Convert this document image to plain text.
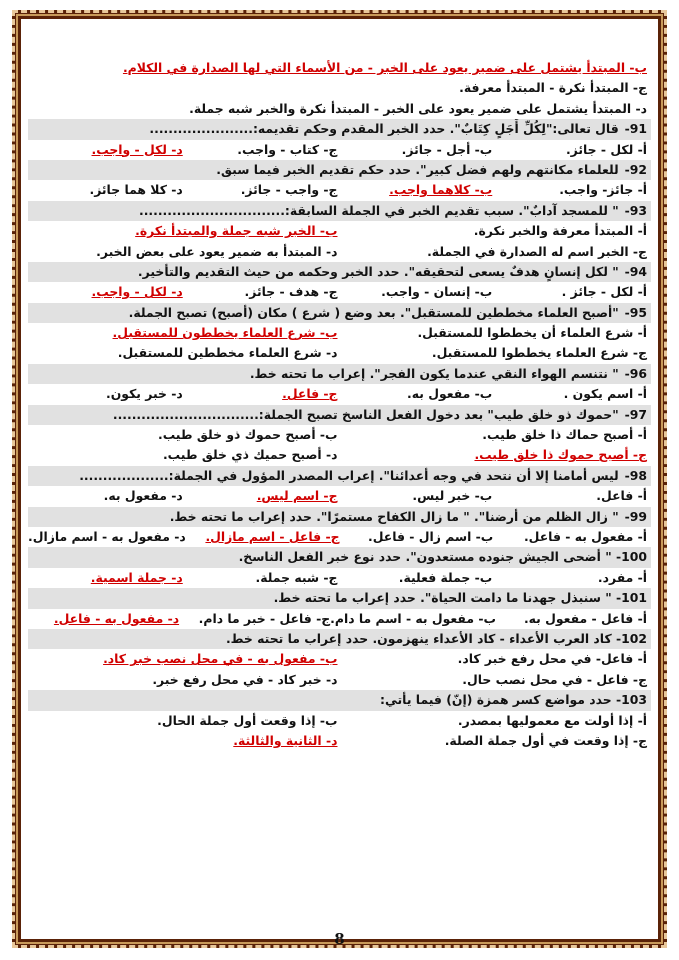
ب- المبتدأ يشتمل على ضمير يعود على الخبر - من الأسماء التي لها الصدارة في الكلام.
ج- المبتدأ نكرة - المبتدأ معرفة.
د- المبتدأ يشتمل على ضمير يعود على الخبر - المبتدأ نكرة والخبر شبه جملة.
91- قال تعالى:"لِكُلِّ أَجَلٍ كِتَابٌ". حدد الخبر المقدم وحكم تقديمه:......................
أ- لكل - جائز.
ب- أجل - جائز.
ج- كتاب - واجب.
د- لكل - واجب.
92- للعلماء مكانتهم ولهم فضل كبير". حدد حكم تقديم الخبر فيما سبق.
أ- جائز- واجب.
ب- كلاهما واجب.
ج- واجب - جائز.
د- كلا هما جائز.
93- " للمسجد آدابٌ". سبب تقديم الخبر في الجملة السابقة:...............................
أ- المبتدأ معرفة والخبر نكرة.
ب- الخبر شبه جملة والمبتدأ نكرة.
ج- الخبر اسم له الصدارة في الجملة.
د- المبتدأ به ضمير يعود على بعض الخبر.
94- " لكل إنسانٍ هدفٌ يسعى لتحقيقه". حدد الخبر وحكمه من حيث التقديم والتأخير.
أ- لكل - جائز .
ب- إنسان - واجب.
ج- هدف - جائز.
د- لكل - واجب.
95- "أصبح العلماء مخططين للمستقبل". بعد وضع ( شرع ) مكان (أصبح) تصبح الجملة.
أ- شرع العلماء أن يخططوا للمستقبل.
ب- شرع العلماء يخططون للمستقبل.
ج- شرع العلماء يخططوا للمستقبل.
د- شرع العلماء مخططين للمستقبل.
96- " نتنسم الهواء النقي عندما يكون الفجر". إعراب ما تحته خط.
أ- اسم يكون .
ب- مفعول به.
ج- فاعل.
د- خبر يكون.
97- "حموك ذو خلق طيب" بعد دخول الفعل الناسخ تصبح الجملة:...............................
أ- أصبح حماك ذا خلق طيب.
ب- أصبح حموك ذو خلق طيب.
ج- أصبح حموك ذا خلق طيب.
د- أصبح حميك ذي خلق طيب.
98- ليس أمامنا إلا أن نتحد في وجه أعدائنا". إعراب المصدر المؤول في الجملة:...................
أ- فاعل.
ب- خبر ليس.
ج- اسم ليس.
د- مفعول به.
99- " زال الظلم من أرضنا". " ما زال الكفاح مستمرًا". حدد إعراب ما تحته خط.
أ- مفعول به - فاعل.
ب- اسم زال - فاعل.
ج- فاعل - اسم مازال.
د- مفعول به - اسم مازال.
100- " أضحى الجيش جنوده مستعدون". حدد نوع خبر الفعل الناسخ.
أ- مفرد.
ب- جملة فعلية.
ج- شبه جملة.
د- جملة اسمية.
101- " سنبذل جهدنا ما دامت الحياة". حدد إعراب ما تحته خط.
أ- فاعل - مفعول به.
ب- مفعول به - اسم ما دام.
ج- فاعل - خبر ما دام.
د- مفعول به - فاعل.
102- كاد العرب الأعداء - كاد الأعداء ينهزمون. حدد إعراب ما تحته خط.
أ- فاعل- في محل رفع خبر كاد.
ب- مفعول به - في محل نصب خبر كاد.
ج- فاعل - في محل نصب حال.
د- خبر كاد - في محل رفع خبر.
103- حدد مواضع كسر همزة (إنّ) فيما يأتي:
أ- إذا أولت مع معموليها بمصدر.
ب- إذا وقعت أول جملة الحال.
ج- إذا وقعت في أول جملة الصلة.
د- الثانية والثالثة.
8
